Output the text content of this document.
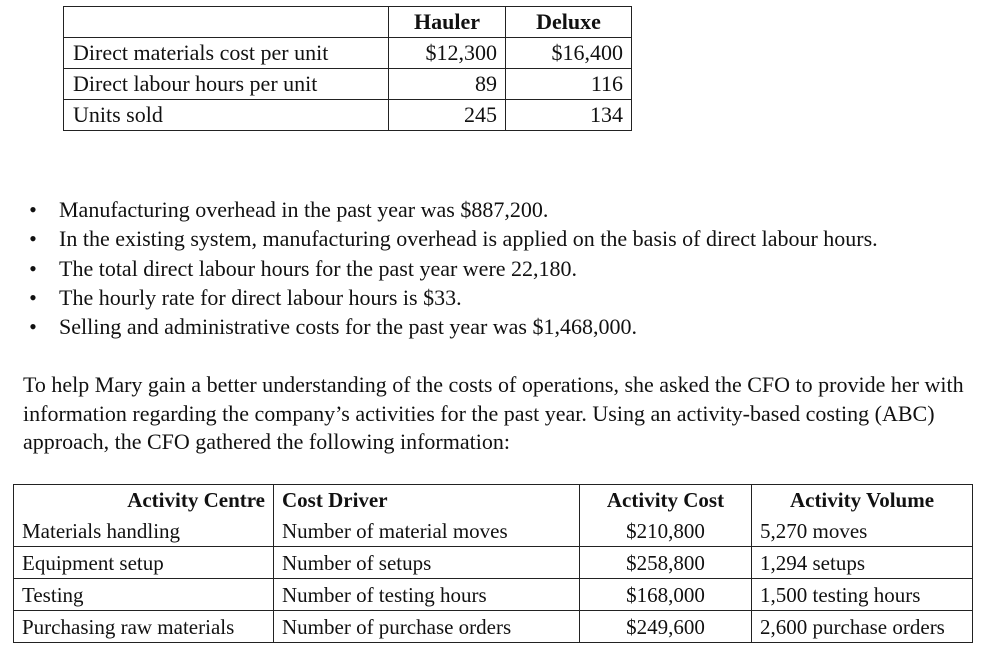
	Hauler	Deluxe
Direct materials cost per unit	$12,300	$16,400
Direct labour hours per unit	89	116
Units sold	245	134
• Manufacturing overhead in the past year was $887,200.
• In the existing system, manufacturing overhead is applied on the basis of direct labour hours.
• The total direct labour hours for the past year were 22,180.
• The hourly rate for direct labour hours is $33.
• Selling and administrative costs for the past year was $1,468,000.

To help Mary gain a better understanding of the costs of operations, she asked the CFO to provide her with information regarding the company’s activities for the past year. Using an activity-based costing (ABC) approach, the CFO gathered the following information:

Activity Centre	Cost Driver	Activity Cost	Activity Volume
Materials handling	Number of material moves	$210,800	5,270 moves
Equipment setup	Number of setups	$258,800	1,294 setups
Testing	Number of testing hours	$168,000	1,500 testing hours
Purchasing raw materials	Number of purchase orders	$249,600	2,600 purchase orders
